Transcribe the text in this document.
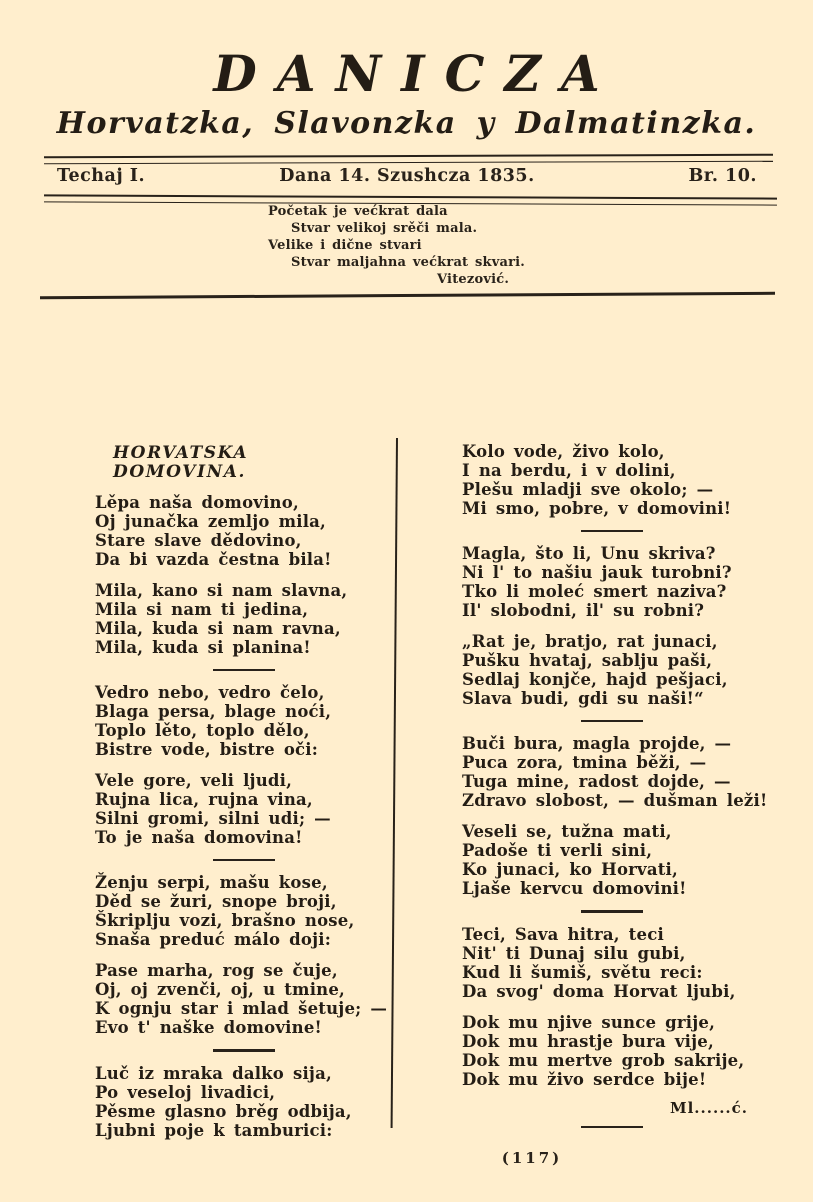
DANICZA
Horvatzka, Slavonzka y Dalmatinzka.
Techaj I.	Dana 14. Szushcza 1835.	Br. 10.
Početak je većkrat dala
Stvar velikoj srěči mala.
Velike i dične stvari
Stvar maljahna većkrat skvari.
Vitezović.
HORVATSKA DOMOVINA.
Lěpa naša domovino,
Oj junačka zemljo mila,
Stare slave dědovino,
Da bi vazda čestna bila!
Mila, kano si nam slavna,
Mila si nam ti jedina,
Mila, kuda si nam ravna,
Mila, kuda si planina!
Vedro nebo, vedro čelo,
Blaga persa, blage noći,
Toplo lěto, toplo dělo,
Bistre vode, bistre oči:
Vele gore, veli ljudi,
Rujna lica, rujna vina,
Silni gromi, silni udi; —
To je naša domovina!
Ženju serpi, mašu kose,
Děd se žuri, snope broji,
Škriplju vozi, brašno nose,
Snaša preduć málo doji:
Pase marha, rog se čuje,
Oj, oj zvenči, oj, u tmine,
K ognju star i mlad šetuje; —
Evo t' naške domovine!
Luč iz mraka dalko sija,
Po veseloj livadici,
Pěsme glasno brěg odbija,
Ljubni poje k tamburici:
Kolo vode, živo kolo,
I na berdu, i v dolini,
Plešu mladji sve okolo; —
Mi smo, pobre, v domovini!
Magla, što li, Unu skriva?
Ni l' to našiu jauk turobni?
Tko li moleć smert naziva?
Il' slobodni, il' su robni?
„Rat je, bratjo, rat junaci,
Pušku hvataj, sablju paši,
Sedlaj konjče, hajd pešjaci,
Slava budi, gdi su naši!“
Buči bura, magla projde, —
Puca zora, tmina běži, —
Tuga mine, radost dojde, —
Zdravo slobost, — dušman leži!
Veseli se, tužna mati,
Padoše ti verli sini,
Ko junaci, ko Horvati,
Ljaše kervcu domovini!
Teci, Sava hitra, teci
Nit' ti Dunaj silu gubi,
Kud li šumiš, světu reci:
Da svog' doma Horvat ljubi,
Dok mu njive sunce grije,
Dok mu hrastje bura vije,
Dok mu mertve grob sakrije,
Dok mu živo serdce bije!
Ml......ć.
(117)
